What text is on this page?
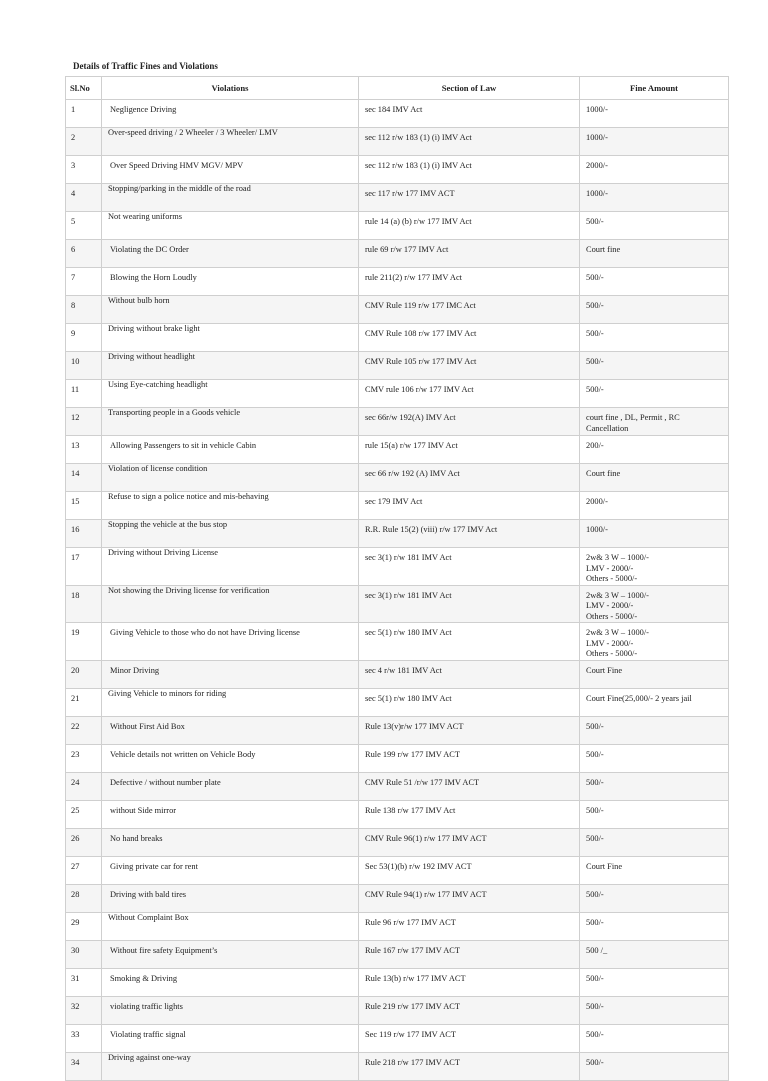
Details of Traffic Fines and Violations
Sl.No	Violations	Section of Law	Fine Amount

1	Negligence Driving	sec 184 IMV Act	1000/-

2	Over-speed driving / 2 Wheeler / 3 Wheeler/ LMV	sec 112 r/w 183 (1) (i) IMV Act	1000/-

3	Over Speed Driving HMV MGV/ MPV	sec 112 r/w 183 (1) (i) IMV Act	2000/-

4	Stopping/parking in the middle of the road	sec 117 r/w 177 IMV ACT	1000/-

5	Not wearing uniforms	rule 14 (a) (b) r/w 177 IMV Act	500/-

6	Violating the DC Order	rule 69 r/w 177 IMV Act	Court fine

7	Blowing the Horn Loudly	rule 211(2) r/w 177 IMV Act	500/-

8	Without bulb horn	CMV Rule 119 r/w 177 IMC Act	500/-

9	Driving without brake light	CMV Rule 108 r/w 177 IMV Act	500/-

10	Driving without headlight	CMV Rule 105 r/w 177 IMV Act	500/-

11	Using Eye-catching headlight	CMV rule 106 r/w 177 IMV Act	500/-

12	Transporting people in a Goods vehicle	sec 66r/w 192(A) IMV Act	court fine , DL, Permit , RC
Cancellation

13	Allowing Passengers to sit in vehicle Cabin	rule 15(a) r/w 177 IMV Act	200/-

14	Violation of license condition	sec 66 r/w 192 (A) IMV Act	Court fine

15	Refuse to sign a police notice and mis-behaving	sec 179 IMV Act	2000/-

16	Stopping the vehicle at the bus stop	R.R. Rule 15(2) (viii) r/w 177 IMV Act	1000/-

17	Driving without Driving License	sec 3(1) r/w 181 IMV Act	2w& 3 W – 1000/-
LMV - 2000/-
Others - 5000/-

18	Not showing the Driving license for verification	sec 3(1) r/w 181 IMV Act	2w& 3 W – 1000/-
LMV - 2000/-
Others - 5000/-

19	Giving Vehicle to those who do not have Driving license	sec 5(1) r/w 180 IMV Act	2w& 3 W – 1000/-
LMV - 2000/-
Others - 5000/-

20	Minor Driving	sec 4 r/w 181 IMV Act	Court Fine

21	Giving Vehicle to minors for riding	sec 5(1) r/w 180 IMV Act	Court Fine(25,000/- 2 years jail

22	Without First Aid Box	Rule 13(v)r/w 177 IMV ACT	500/-

23	Vehicle details not written on Vehicle Body	Rule 199 r/w 177 IMV ACT	500/-

24	Defective / without number plate	CMV Rule 51 /r/w 177 IMV ACT	500/-

25	without Side mirror	Rule 138 r/w 177 IMV Act	500/-

26	No hand breaks	CMV Rule 96(1) r/w 177 IMV ACT	500/-

27	Giving private car for rent	Sec 53(1)(b) r/w 192 IMV ACT	Court Fine

28	Driving with bald tires	CMV Rule 94(1) r/w 177 IMV ACT	500/-

29	Without Complaint Box	Rule 96 r/w 177 IMV ACT	500/-

30	Without fire safety Equipment’s	Rule 167 r/w 177 IMV ACT	500 /_

31	Smoking & Driving	Rule 13(b) r/w 177 IMV ACT	500/-

32	violating traffic lights	Rule 219 r/w 177 IMV ACT	500/-

33	Violating traffic signal	Sec 119 r/w 177 IMV ACT	500/-

34	Driving against one-way	Rule 218 r/w 177 IMV ACT	500/-
